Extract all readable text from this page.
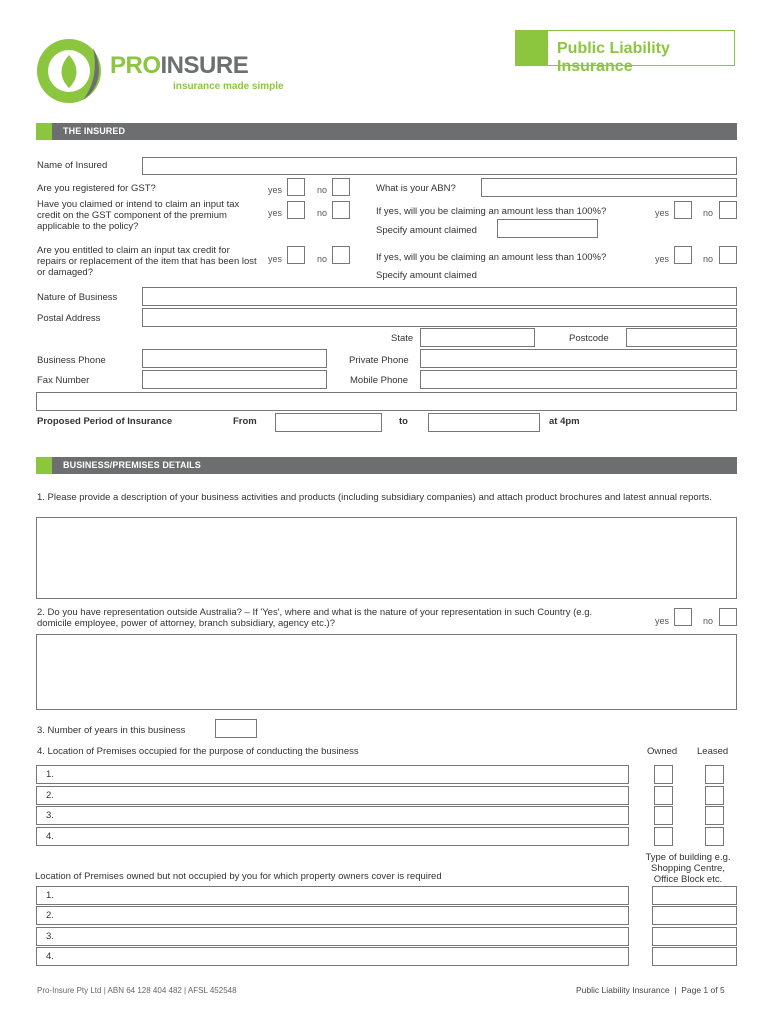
PROINSURE
insurance made simple
Public Liability Insurance
THE INSURED
Name of Insured
Are you registered for GST?	yes	no	What is your ABN?
Have you claimed or intend to claim an input tax credit on the GST component of the premium applicable to the policy?
yes	no	If yes, will you be claiming an amount less than 100%?	yes	no
Specify amount claimed
Are you entitled to claim an input tax credit for repairs or replacement of the item that has been lost or damaged?
yes	no	If yes, will you be claiming an amount less than 100%?	yes	no
Specify amount claimed
Nature of Business
Postal Address
State	Postcode
Business Phone	Private Phone
Fax Number	Mobile Phone
Proposed Period of Insurance	From	to	at 4pm
BUSINESS/PREMISES DETAILS
1. Please provide a description of your business activities and products (including subsidiary companies) and attach product brochures and latest annual reports.
2. Do you have representation outside Australia? – If 'Yes', where and what is the nature of your representation in such Country (e.g. domicile employee, power of attorney, branch subsidiary, agency etc.)?	yes	no
3. Number of years in this business
4. Location of Premises occupied for the purpose of conducting the business	Owned Leased
1.
2.
3.
4.
Location of Premises owned but not occupied by you for which property owners cover is required
Type of building e.g. Shopping Centre, Office Block etc.
1.
2.
3.
4.
Pro-Insure Pty Ltd | ABN 64 128 404 482 | AFSL 452548	Public Liability Insurance  |  Page 1 of 5
